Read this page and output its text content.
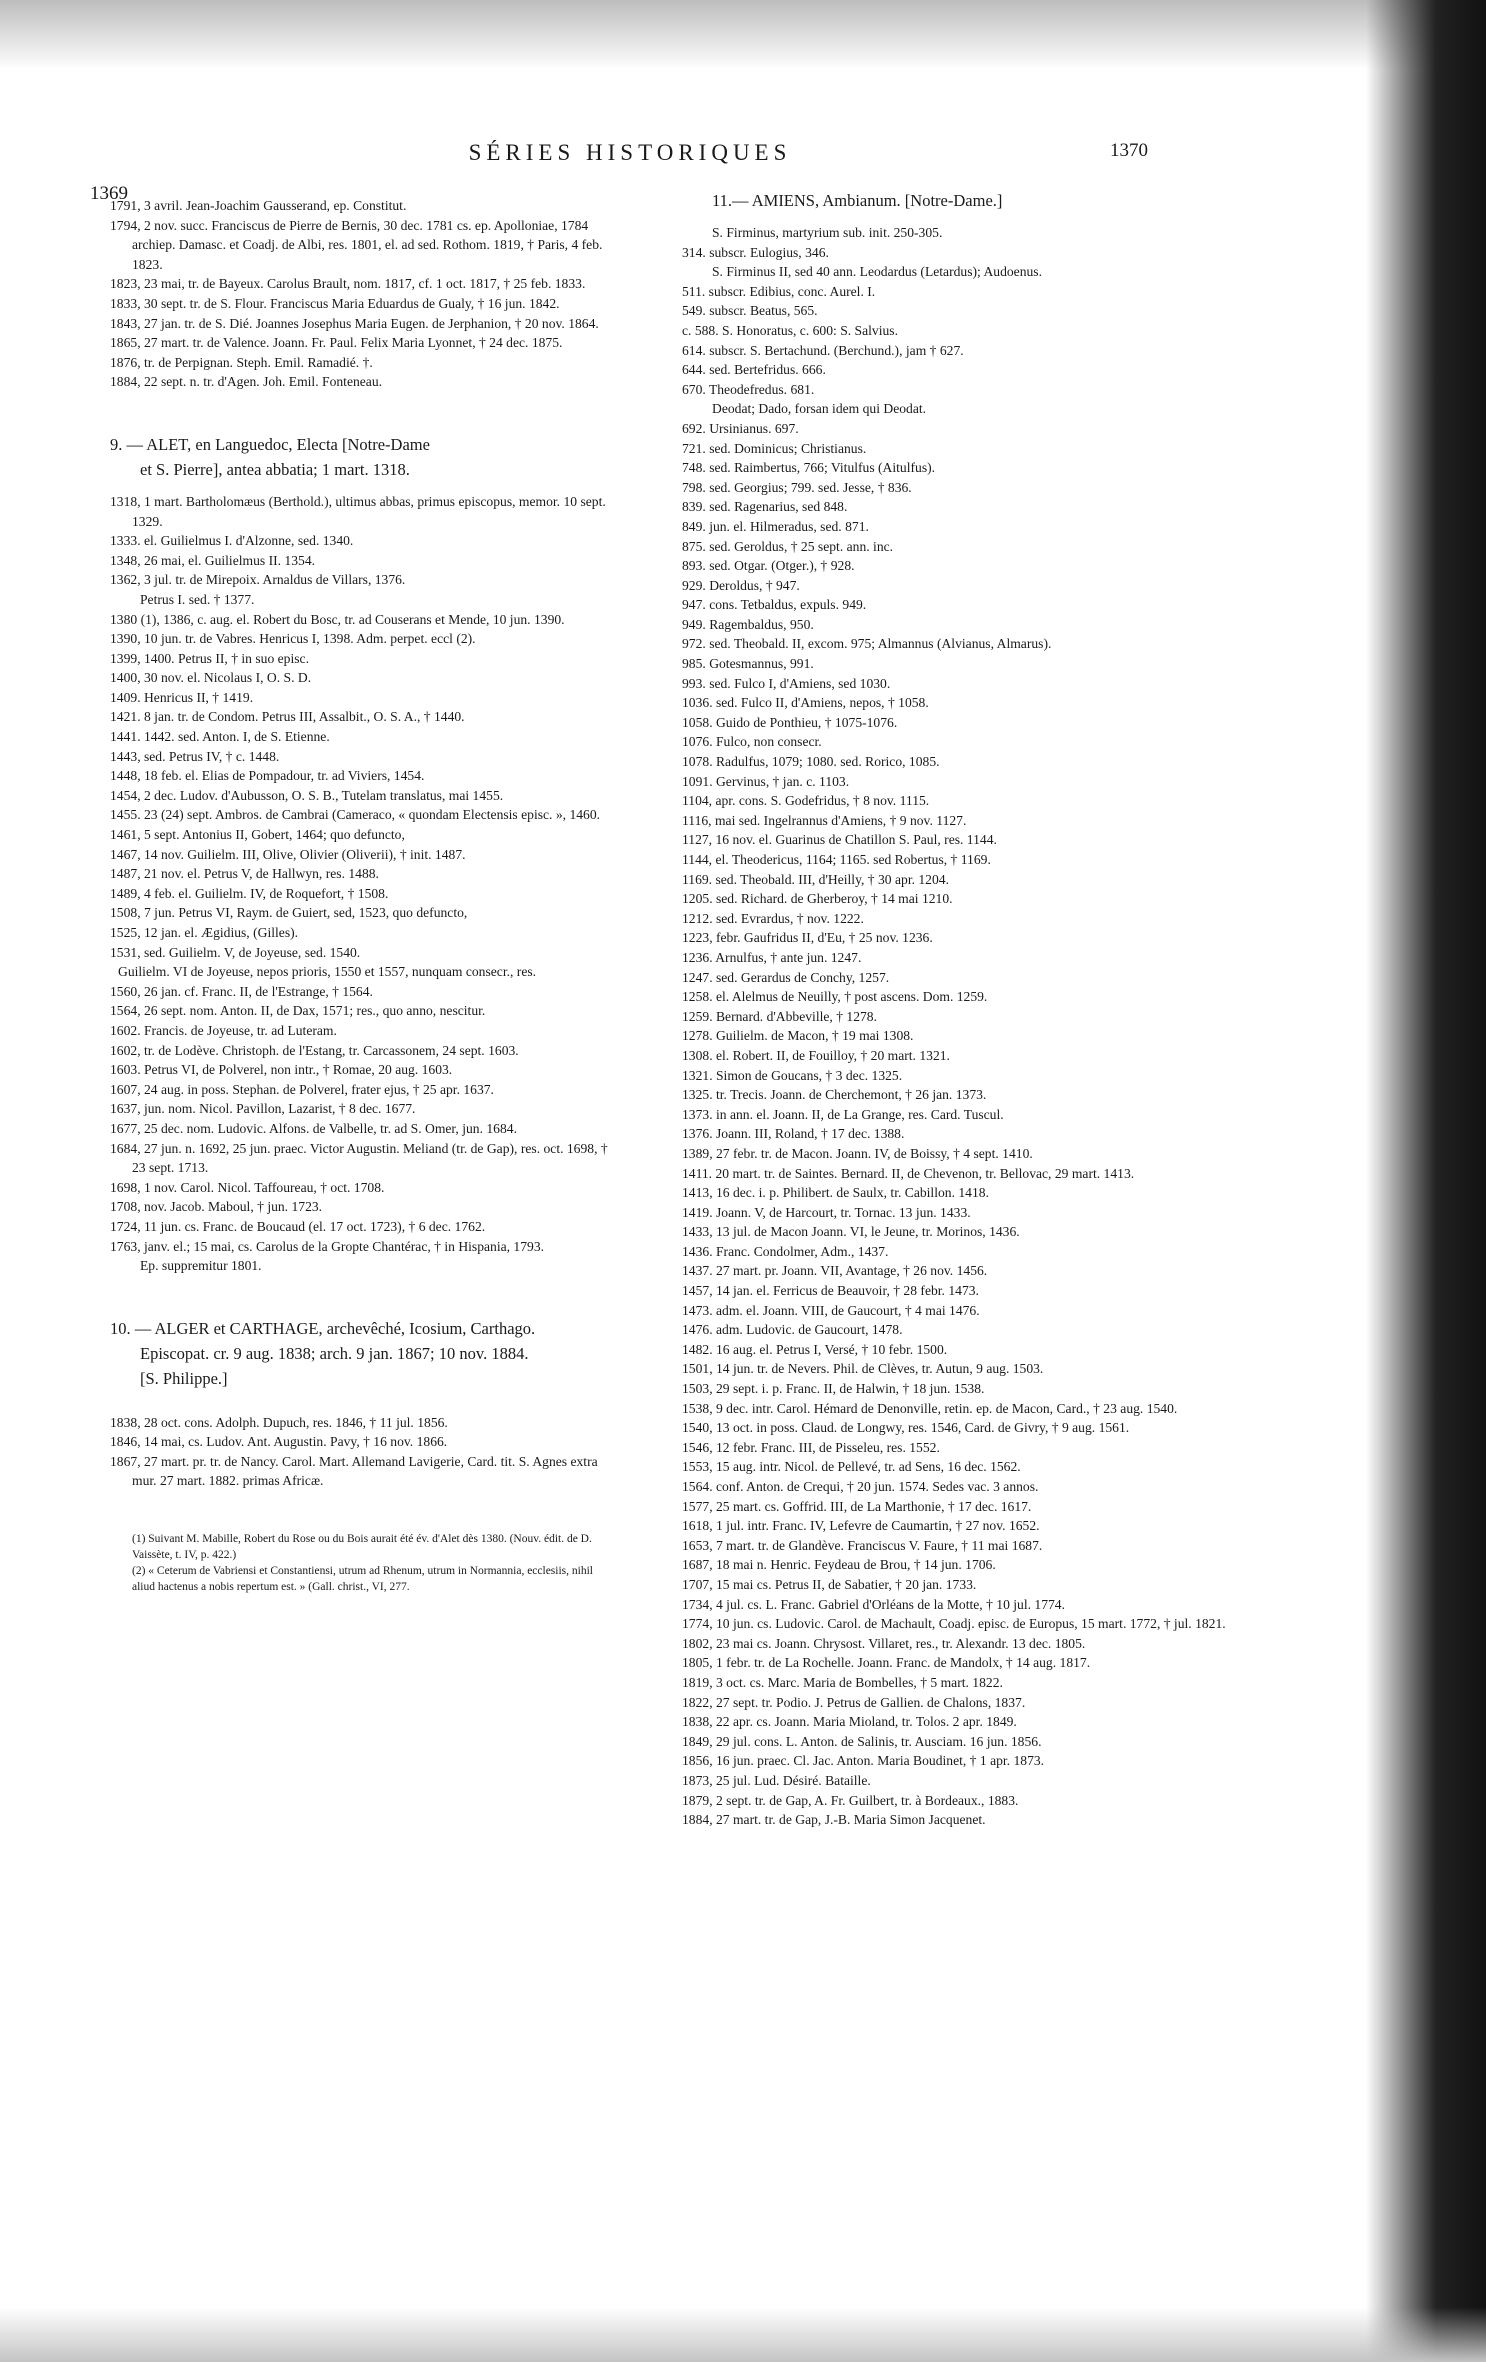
SÉRIES HISTORIQUES
1369
1370

1791, 3 avril. Jean-Joachim Gausserand, ep. Constitut.

1794, 2 nov. succ. Franciscus de Pierre de Bernis, 30 dec. 1781 cs. ep. Apolloniae, 1784 archiep. Damasc. et Coadj. de Albi, res. 1801, el. ad sed. Rothom. 1819, † Paris, 4 feb. 1823.

1823, 23 mai, tr. de Bayeux. Carolus Brault, nom. 1817, cf. 1 oct. 1817, † 25 feb. 1833.

1833, 30 sept. tr. de S. Flour. Franciscus Maria Eduardus de Gualy, † 16 jun. 1842.

1843, 27 jan. tr. de S. Dié. Joannes Josephus Maria Eugen. de Jerphanion, † 20 nov. 1864.

1865, 27 mart. tr. de Valence. Joann. Fr. Paul. Felix Maria Lyonnet, † 24 dec. 1875.

1876, tr. de Perpignan. Steph. Emil. Ramadié. †.

1884, 22 sept. n. tr. d'Agen. Joh. Emil. Fonteneau.

9. — ALET, en Languedoc, Electa [Notre-Dame

et S. Pierre], antea abbatia; 1 mart. 1318.

1318, 1 mart. Bartholomæus (Berthold.), ultimus abbas, primus episcopus, memor. 10 sept. 1329.

1333. el. Guilielmus I. d'Alzonne, sed. 1340.

1348, 26 mai, el. Guilielmus II. 1354.

1362, 3 jul. tr. de Mirepoix. Arnaldus de Villars, 1376.

Petrus I. sed. † 1377.

1380 (1), 1386, c. aug. el. Robert du Bosc, tr. ad Couserans et Mende, 10 jun. 1390.

1390, 10 jun. tr. de Vabres. Henricus I, 1398. Adm. perpet. eccl (2).

1399, 1400. Petrus II, † in suo episc.

1400, 30 nov. el. Nicolaus I, O. S. D.

1409. Henricus II, † 1419.

1421. 8 jan. tr. de Condom. Petrus III, Assalbit., O. S. A., † 1440.

1441. 1442. sed. Anton. I, de S. Etienne.

1443, sed. Petrus IV, † c. 1448.

1448, 18 feb. el. Elias de Pompadour, tr. ad Viviers, 1454.

1454, 2 dec. Ludov. d'Aubusson, O. S. B., Tutelam translatus, mai 1455.

1455. 23 (24) sept. Ambros. de Cambrai (Cameraco, « quondam Electensis episc. », 1460.

1461, 5 sept. Antonius II, Gobert, 1464; quo defuncto,

1467, 14 nov. Guilielm. III, Olive, Olivier (Oliverii), † init. 1487.

1487, 21 nov. el. Petrus V, de Hallwyn, res. 1488.

1489, 4 feb. el. Guilielm. IV, de Roquefort, † 1508.

1508, 7 jun. Petrus VI, Raym. de Guiert, sed, 1523, quo defuncto,

1525, 12 jan. el. Ægidius, (Gilles).

1531, sed. Guilielm. V, de Joyeuse, sed. 1540.

Guilielm. VI de Joyeuse, nepos prioris, 1550 et 1557, nunquam consecr., res.

1560, 26 jan. cf. Franc. II, de l'Estrange, † 1564.

1564, 26 sept. nom. Anton. II, de Dax, 1571; res., quo anno, nescitur.

1602. Francis. de Joyeuse, tr. ad Luteram.

1602, tr. de Lodève. Christoph. de l'Estang, tr. Carcassonem, 24 sept. 1603.

1603. Petrus VI, de Polverel, non intr., † Romae, 20 aug. 1603.

1607, 24 aug. in poss. Stephan. de Polverel, frater ejus, † 25 apr. 1637.

1637, jun. nom. Nicol. Pavillon, Lazarist, † 8 dec. 1677.

1677, 25 dec. nom. Ludovic. Alfons. de Valbelle, tr. ad S. Omer, jun. 1684.

1684, 27 jun. n. 1692, 25 jun. praec. Victor Augustin. Meliand (tr. de Gap), res. oct. 1698, † 23 sept. 1713.

1698, 1 nov. Carol. Nicol. Taffoureau, † oct. 1708.

1708, nov. Jacob. Maboul, † jun. 1723.

1724, 11 jun. cs. Franc. de Boucaud (el. 17 oct. 1723), † 6 dec. 1762.

1763, janv. el.; 15 mai, cs. Carolus de la Gropte Chantérac, † in Hispania, 1793.

Ep. suppremitur 1801.

10. — ALGER et CARTHAGE, archevêché, Icosium, Carthago.

Episcopat. cr. 9 aug. 1838; arch. 9 jan. 1867; 10 nov. 1884.

[S. Philippe.]

1838, 28 oct. cons. Adolph. Dupuch, res. 1846, † 11 jul. 1856.

1846, 14 mai, cs. Ludov. Ant. Augustin. Pavy, † 16 nov. 1866.

1867, 27 mart. pr. tr. de Nancy. Carol. Mart. Allemand Lavigerie, Card. tit. S. Agnes extra mur. 27 mart. 1882. primas Africæ.

(1) Suivant M. Mabille, Robert du Rose ou du Bois aurait été év. d'Alet dès 1380. (Nouv. édit. de D. Vaissète, t. IV, p. 422.)

(2) « Ceterum de Vabriensi et Constantiensi, utrum ad Rhenum, utrum in Normannia, ecclesiis, nihil aliud hactenus a nobis repertum est. » (Gall. christ., VI, 277.

11.— AMIENS, Ambianum. [Notre-Dame.]

S. Firminus, martyrium sub. init. 250-305.

314. subscr. Eulogius, 346.

S. Firminus II, sed 40 ann. Leodardus (Letardus); Audoenus.

511. subscr. Edibius, conc. Aurel. I.

549. subscr. Beatus, 565.

c. 588. S. Honoratus, c. 600: S. Salvius.

614. subscr. S. Bertachund. (Berchund.), jam † 627.

644. sed. Bertefridus. 666.

670. Theodefredus. 681.

Deodat; Dado, forsan idem qui Deodat.

692. Ursinianus. 697.

721. sed. Dominicus; Christianus.

748. sed. Raimbertus, 766; Vitulfus (Aitulfus).

798. sed. Georgius; 799. sed. Jesse, † 836.

839. sed. Ragenarius, sed 848.

849. jun. el. Hilmeradus, sed. 871.

875. sed. Geroldus, † 25 sept. ann. inc.

893. sed. Otgar. (Otger.), † 928.

929. Deroldus, † 947.

947. cons. Tetbaldus, expuls. 949.

949. Ragembaldus, 950.

972. sed. Theobald. II, excom. 975; Almannus (Alvianus, Almarus).

985. Gotesmannus, 991.

993. sed. Fulco I, d'Amiens, sed 1030.

1036. sed. Fulco II, d'Amiens, nepos, † 1058.

1058. Guido de Ponthieu, † 1075-1076.

1076. Fulco, non consecr.

1078. Radulfus, 1079; 1080. sed. Rorico, 1085.

1091. Gervinus, † jan. c. 1103.

1104, apr. cons. S. Godefridus, † 8 nov. 1115.

1116, mai sed. Ingelrannus d'Amiens, † 9 nov. 1127.

1127, 16 nov. el. Guarinus de Chatillon S. Paul, res. 1144.

1144, el. Theodericus, 1164; 1165. sed Robertus, † 1169.

1169. sed. Theobald. III, d'Heilly, † 30 apr. 1204.

1205. sed. Richard. de Gherberoy, † 14 mai 1210.

1212. sed. Evrardus, † nov. 1222.

1223, febr. Gaufridus II, d'Eu, † 25 nov. 1236.

1236. Arnulfus, † ante jun. 1247.

1247. sed. Gerardus de Conchy, 1257.

1258. el. Alelmus de Neuilly, † post ascens. Dom. 1259.

1259. Bernard. d'Abbeville, † 1278.

1278. Guilielm. de Macon, † 19 mai 1308.

1308. el. Robert. II, de Fouilloy, † 20 mart. 1321.

1321. Simon de Goucans, † 3 dec. 1325.

1325. tr. Trecis. Joann. de Cherchemont, † 26 jan. 1373.

1373. in ann. el. Joann. II, de La Grange, res. Card. Tuscul.

1376. Joann. III, Roland, † 17 dec. 1388.

1389, 27 febr. tr. de Macon. Joann. IV, de Boissy, † 4 sept. 1410.

1411. 20 mart. tr. de Saintes. Bernard. II, de Chevenon, tr. Bellovac, 29 mart. 1413.

1413, 16 dec. i. p. Philibert. de Saulx, tr. Cabillon. 1418.

1419. Joann. V, de Harcourt, tr. Tornac. 13 jun. 1433.

1433, 13 jul. de Macon Joann. VI, le Jeune, tr. Morinos, 1436.

1436. Franc. Condolmer, Adm., 1437.

1437. 27 mart. pr. Joann. VII, Avantage, † 26 nov. 1456.

1457, 14 jan. el. Ferricus de Beauvoir, † 28 febr. 1473.

1473. adm. el. Joann. VIII, de Gaucourt, † 4 mai 1476.

1476. adm. Ludovic. de Gaucourt, 1478.

1482. 16 aug. el. Petrus I, Versé, † 10 febr. 1500.

1501, 14 jun. tr. de Nevers. Phil. de Clèves, tr. Autun, 9 aug. 1503.

1503, 29 sept. i. p. Franc. II, de Halwin, † 18 jun. 1538.

1538, 9 dec. intr. Carol. Hémard de Denonville, retin. ep. de Macon, Card., † 23 aug. 1540.

1540, 13 oct. in poss. Claud. de Longwy, res. 1546, Card. de Givry, † 9 aug. 1561.

1546, 12 febr. Franc. III, de Pisseleu, res. 1552.

1553, 15 aug. intr. Nicol. de Pellevé, tr. ad Sens, 16 dec. 1562.

1564. conf. Anton. de Crequi, † 20 jun. 1574. Sedes vac. 3 annos.

1577, 25 mart. cs. Goffrid. III, de La Marthonie, † 17 dec. 1617.

1618, 1 jul. intr. Franc. IV, Lefevre de Caumartin, † 27 nov. 1652.

1653, 7 mart. tr. de Glandève. Franciscus V. Faure, † 11 mai 1687.

1687, 18 mai n. Henric. Feydeau de Brou, † 14 jun. 1706.

1707, 15 mai cs. Petrus II, de Sabatier, † 20 jan. 1733.

1734, 4 jul. cs. L. Franc. Gabriel d'Orléans de la Motte, † 10 jul. 1774.

1774, 10 jun. cs. Ludovic. Carol. de Machault, Coadj. episc. de Europus, 15 mart. 1772, † jul. 1821.

1802, 23 mai cs. Joann. Chrysost. Villaret, res., tr. Alexandr. 13 dec. 1805.

1805, 1 febr. tr. de La Rochelle. Joann. Franc. de Mandolx, † 14 aug. 1817.

1819, 3 oct. cs. Marc. Maria de Bombelles, † 5 mart. 1822.

1822, 27 sept. tr. Podio. J. Petrus de Gallien. de Chalons, 1837.

1838, 22 apr. cs. Joann. Maria Mioland, tr. Tolos. 2 apr. 1849.

1849, 29 jul. cons. L. Anton. de Salinis, tr. Ausciam. 16 jun. 1856.

1856, 16 jun. praec. Cl. Jac. Anton. Maria Boudinet, † 1 apr. 1873.

1873, 25 jul. Lud. Désiré. Bataille.

1879, 2 sept. tr. de Gap, A. Fr. Guilbert, tr. à Bordeaux., 1883.

1884, 27 mart. tr. de Gap, J.-B. Maria Simon Jacquenet.
